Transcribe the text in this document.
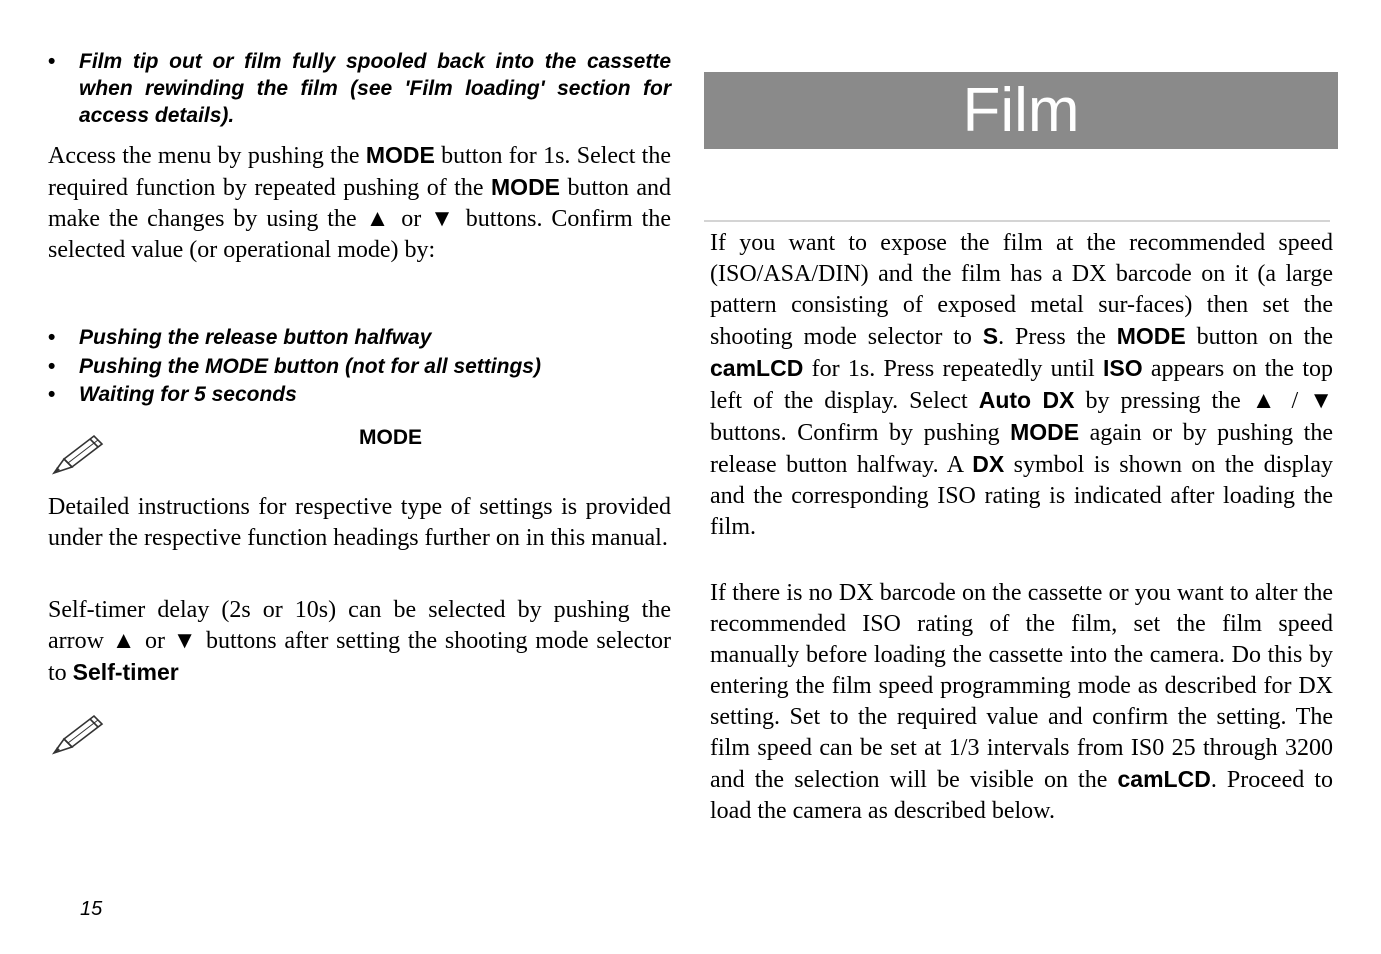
• Film tip out or film fully spooled back into the cassette when rewinding the film (see 'Film loading' section for access details).
Access the menu by pushing the MODE button for 1s. Select the required function by repeated pushing of the MODE button and make the changes by using the ▲ or ▼ buttons. Confirm the selected value (or operational mode) by:
• Pushing the release button halfway
• Pushing the MODE button (not for all settings)
• Waiting for 5 seconds
MODE
Detailed instructions for respective type of settings is provided under the respective function headings further on in this manual.
Self-timer delay (2s or 10s) can be selected by pushing the arrow ▲ or ▼ buttons after setting the shooting mode selector to Self-timer
15
Film
If you want to expose the film at the recommended speed (ISO/ASA/DIN) and the film has a DX barcode on it (a large pattern consisting of exposed metal sur-faces) then set the shooting mode selector to S. Press the MODE button on the camLCD for 1s. Press repeatedly until ISO appears on the top left of the display. Select Auto DX by pressing the ▲ / ▼ buttons. Confirm by pushing MODE again or by pushing the release button halfway. A DX symbol is shown on the display and the corresponding ISO rating is indicated after loading the film.
If there is no DX barcode on the cassette or you want to alter the recommended ISO rating of the film, set the film speed manually before loading the cassette into the camera. Do this by entering the film speed programming mode as described for DX setting. Set to the required value and confirm the setting. The film speed can be set at 1/3 intervals from IS0 25 through 3200 and the selection will be visible on the camLCD. Proceed to load the camera as described below.
